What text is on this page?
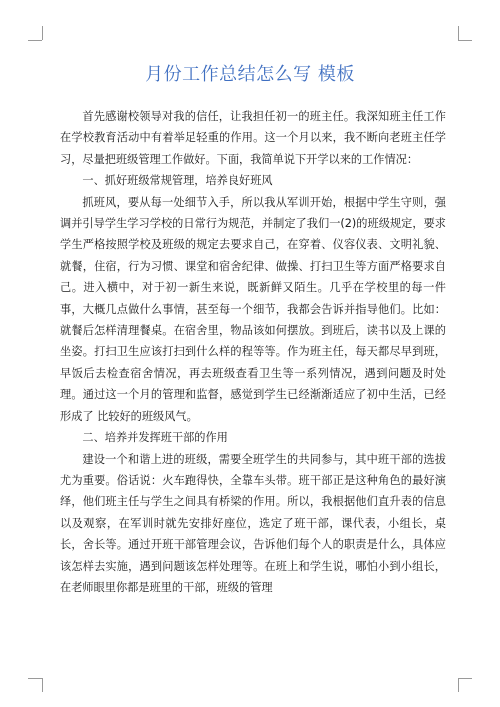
月份工作总结怎么写 模板

首先感谢校领导对我的信任，让我担任初一的班主任。我深知班主任工作在学校教育活动中有着举足轻重的作用。这一个月以来，我不断向老班主任学习，尽量把班级管理工作做好。下面，我简单说下开学以来的工作情况：

一、抓好班级常规管理，培养良好班风

抓班风，要从每一处细节入手，所以我从军训开始，根据中学生守则，强调并引导学生学习学校的日常行为规范，并制定了我们一(2)的班级规定，要求学生严格按照学校及班级的规定去要求自己，在穿着、仪容仪表、文明礼貌、就餐，住宿，行为习惯、课堂和宿舍纪律、做操、打扫卫生等方面严格要求自己。进入横中，对于初一新生来说，既新鲜又陌生。几乎在学校里的每一件事，大概几点做什么事情，甚至每一个细节，我都会告诉并指导他们。比如：就餐后怎样清理餐桌。在宿舍里，物品该如何摆放。到班后，读书以及上课的坐姿。打扫卫生应该打扫到什么样的程等等。作为班主任，每天都尽早到班，早饭后去检查宿舍情况，再去班级查看卫生等一系列情况，遇到问题及时处理。通过这一个月的管理和监督，感觉到学生已经渐渐适应了初中生活，已经形成了 比较好的班级风气。

二、培养并发挥班干部的作用

建设一个和谐上进的班级，需要全班学生的共同参与，其中班干部的选拔尤为重要。俗话说：火车跑得快，全靠车头带。班干部正是这种角色的最好演绎，他们班主任与学生之间具有桥梁的作用。所以，我根据他们直升表的信息以及观察，在军训时就先安排好座位，选定了班干部，课代表，小组长，桌长，舍长等。通过开班干部管理会议，告诉他们每个人的职责是什么，具体应该怎样去实施，遇到问题该怎样处理等。在班上和学生说，哪怕小到小组长，在老师眼里你都是班里的干部，班级的管理
